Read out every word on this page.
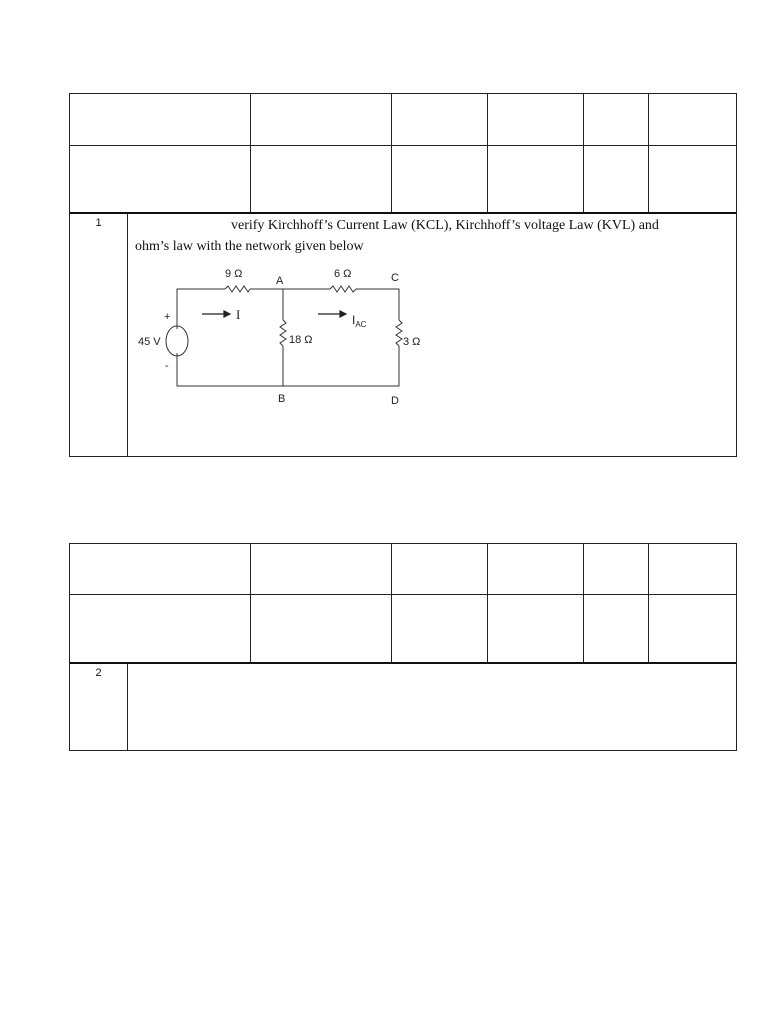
1	verify Kirchhoff’s Current Law (KCL), Kirchhoff’s voltage Law (KVL) and
ohm’s law with the network given below
9 Ω
A
6 Ω	C
+	I	$I_{AC}$
45 V	18 Ω	3 Ω
-
B	D
2
